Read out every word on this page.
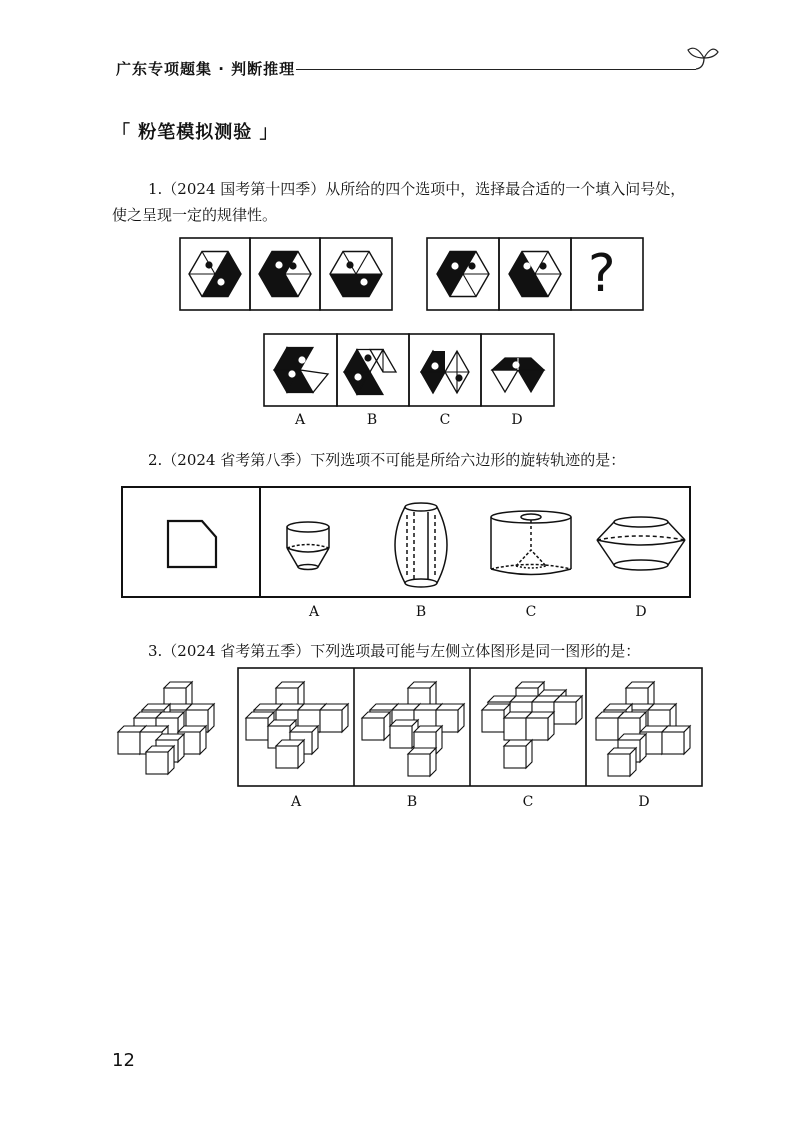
广东专项题集 · 判断推理
「 粉笔模拟测验 」
1.（2024 国考第十四季）从所给的四个选项中，选择最合适的一个填入问号处，
使之呈现一定的规律性。
?
A	B	C	D
2.（2024 省考第八季）下列选项不可能是所给六边形的旋转轨迹的是：
A	B	C	D
3.（2024 省考第五季）下列选项最可能与左侧立体图形是同一图形的是：
A	B	C	D
12
